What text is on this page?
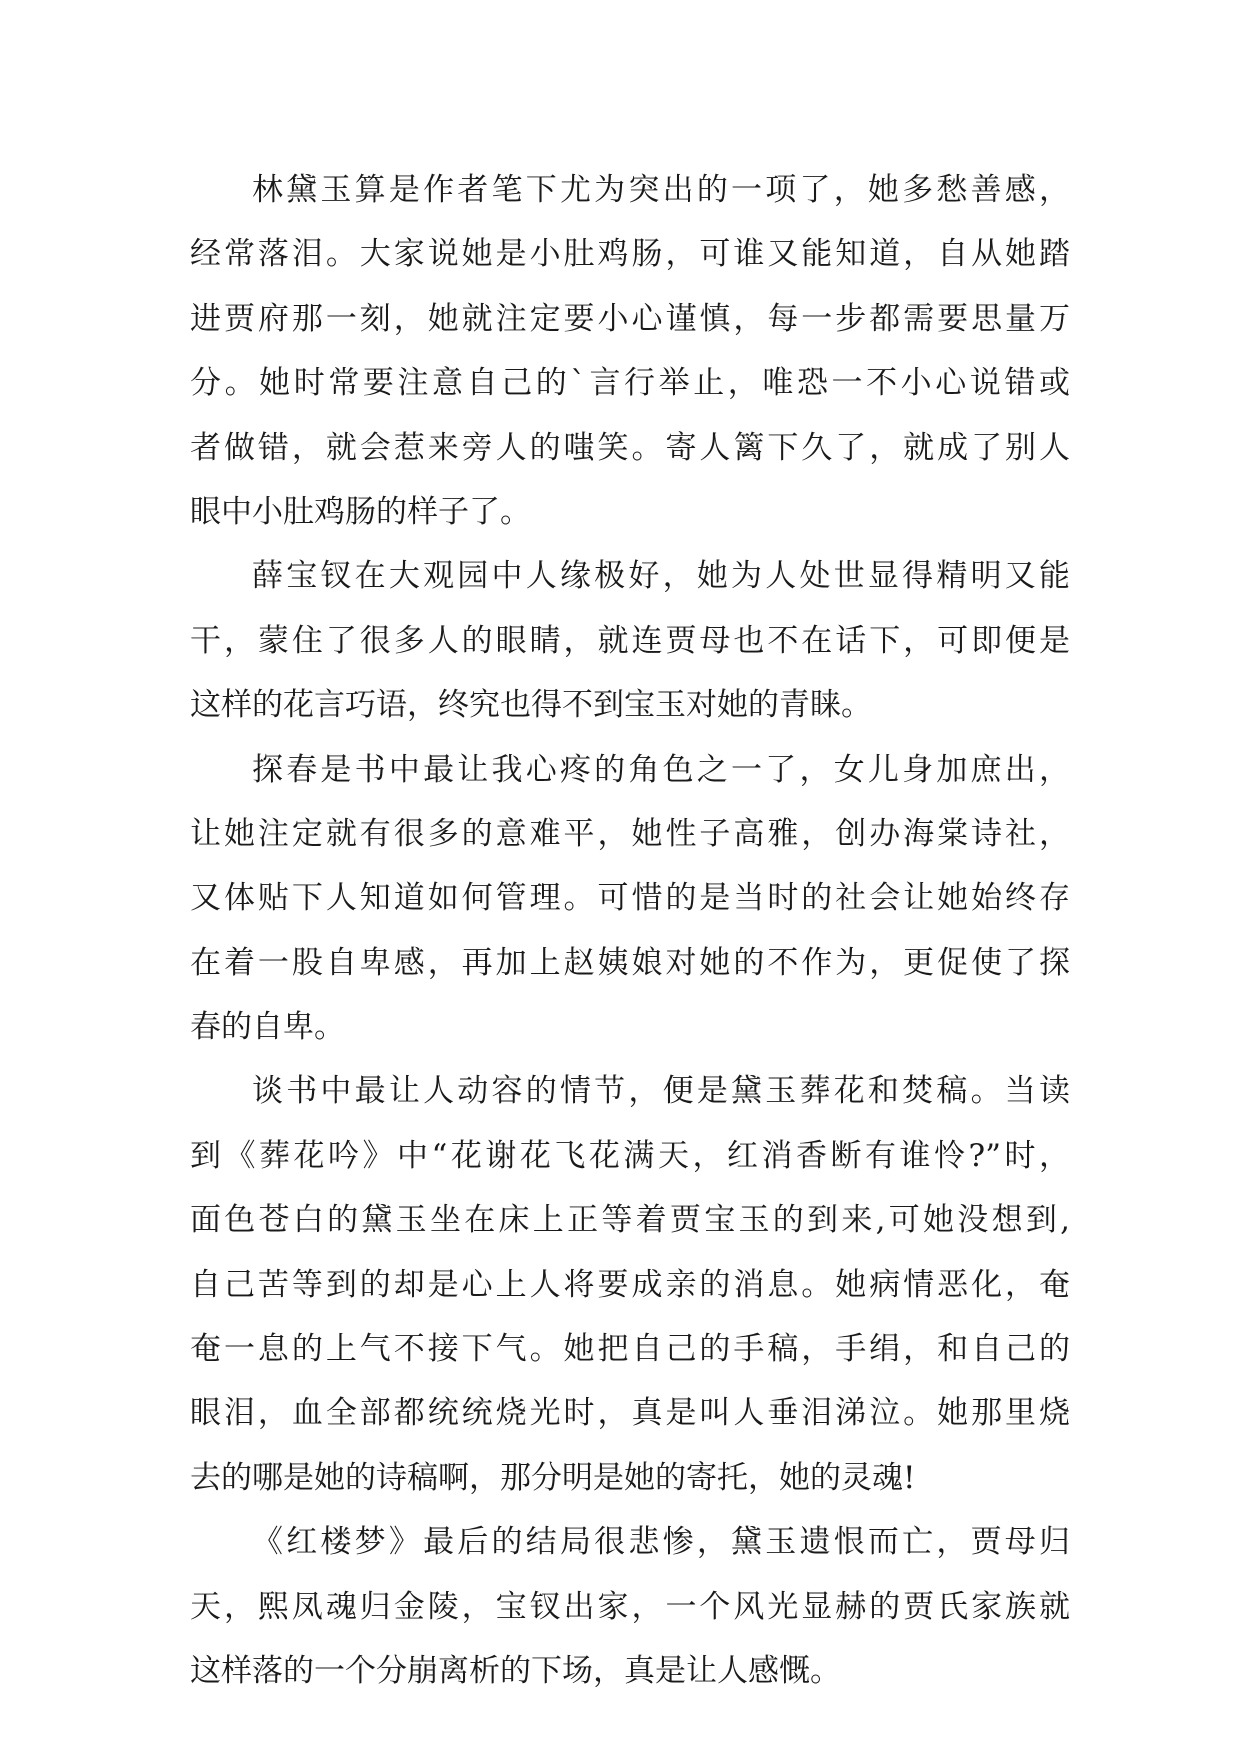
林黛玉算是作者笔下尤为突出的一项了，她多愁善感，
经常落泪。大家说她是小肚鸡肠，可谁又能知道，自从她踏
进贾府那一刻，她就注定要小心谨慎，每一步都需要思量万
分。她时常要注意自己的`言行举止，唯恐一不小心说错或
者做错，就会惹来旁人的嗤笑。寄人篱下久了，就成了别人
眼中小肚鸡肠的样子了。
薛宝钗在大观园中人缘极好，她为人处世显得精明又能
干，蒙住了很多人的眼睛，就连贾母也不在话下，可即便是
这样的花言巧语，终究也得不到宝玉对她的青睐。
探春是书中最让我心疼的角色之一了，女儿身加庶出，
让她注定就有很多的意难平，她性子高雅，创办海棠诗社，
又体贴下人知道如何管理。可惜的是当时的社会让她始终存
在着一股自卑感，再加上赵姨娘对她的不作为，更促使了探
春的自卑。
谈书中最让人动容的情节，便是黛玉葬花和焚稿。当读
到《葬花吟》中“花谢花飞花满天，红消香断有谁怜?”时，
面色苍白的黛玉坐在床上正等着贾宝玉的到来,可她没想到,
自己苦等到的却是心上人将要成亲的消息。她病情恶化，奄
奄一息的上气不接下气。她把自己的手稿，手绢，和自己的
眼泪，血全部都统统烧光时，真是叫人垂泪涕泣。她那里烧
去的哪是她的诗稿啊，那分明是她的寄托，她的灵魂!
《红楼梦》最后的结局很悲惨，黛玉遗恨而亡，贾母归
天，熙凤魂归金陵，宝钗出家，一个风光显赫的贾氏家族就
这样落的一个分崩离析的下场，真是让人感慨。
